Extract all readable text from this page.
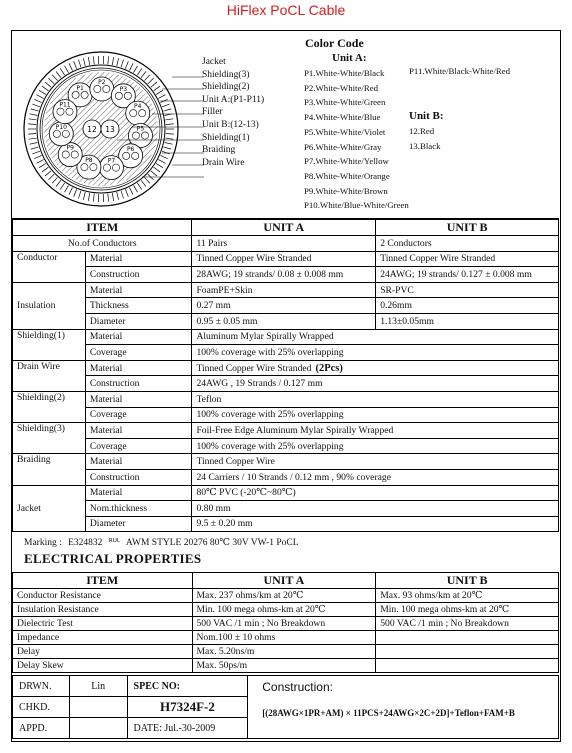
HiFlex PoCL Cable
P1
P2
P3
P4
P5
P6
P7
P8
P9
P10
P11
12 13
Jacket
Shielding(3)
Shielding(2)
Unit A:(P1-P11)
Filler
Unit B:(12-13)
Shielding(1)
Braiding
Drain Wire
Color Code
Unit A:
P1.White-White/Black
P2.White-White/Red
P3.White-White/Green
P4.White-White/Blue
P5.White-White/Violet
P6.White-White/Gray
P7.White-White/Yellow
P8.White-White/Orange
P9.White-White/Brown
P10.White/Blue-White/Green
P11.White/Black-White/Red
Unit B:
12.Red
13.Black
ITEM		UNIT A	UNIT B
No.of Conductors		11 Pairs	2 Conductors
Conductor	Material	Tinned Copper Wire Stranded	Tinned Copper Wire Stranded
	Construction	28AWG; 19 strands/ 0.08 ± 0.008 mm	24AWG; 19 strands/ 0.127 ± 0.008 mm
Insulation	Material	FoamPE+Skin	SR-PVC
	Thickness	0.27 mm	0.26mm
	Diameter	0.95 ± 0.05 mm	1.13±0.05mm
Shielding(1)	Material	Aluminum Mylar Spirally Wrapped	
	Coverage	100% coverage with 25% overlapping	
Drain Wire	Material	Tinned Copper Wire Stranded (2Pcs)	
	Construction	24AWG , 19 Strands / 0.127 mm	
Shielding(2)	Material	Teflon	
	Coverage	100% coverage with 25% overlapping	
Shielding(3)	Material	Foil-Free Edge Aluminum Mylar Spirally Wrapped	
	Coverage	100% coverage with 25% overlapping	
Braiding	Material	Tinned Copper Wire	
	Construction	24 Carriers / 10 Strands / 0.12 mm , 90% coverage	
Jacket	Material	80℃ PVC (-20℃~80℃)	
	Nom.thickness	0.80 mm	
	Diameter	9.5 ± 0.20 mm	
Marking : E324832 ᴿᵁᴸ AWM STYLE 20276 80℃ 30V VW-1 PoCL
ELECTRICAL PROPERTIES
ITEM	UNIT A	UNIT B
Conductor Resistance	Max. 237 ohms/km at 20℃	Max. 93 ohms/km at 20℃
Insulation Resistance	Min. 100 mega ohms-km at 20℃	Min. 100 mega ohms-km at 20℃
Dielectric Test	500 VAC /1 min ; No Breakdown	500 VAC /1 min ; No Breakdown
Impedance	Nom.100 ± 10 ohms	
Delay	Max. 5.20ns/m	
Delay Skew	Max. 50ps/m	
DRWN.	Lin	SPEC NO:	Construction:
[(28AWG×1PR+AM) × 11PCS+24AWG×2C+2D]+Teflon+FAM+B

CHKD.		H7324F-2	
APPD.		DATE: Jul.-30-2009	
